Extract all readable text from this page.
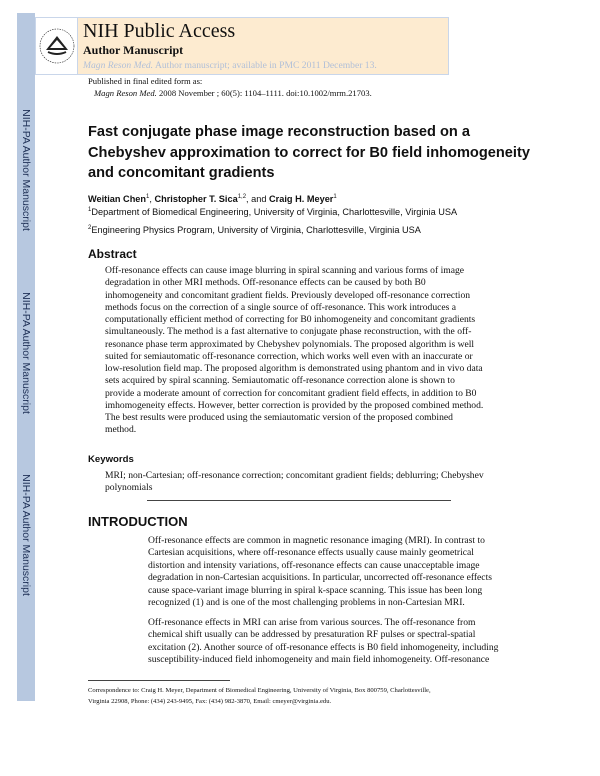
NIH-PA Author Manuscript
NIH-PA Author Manuscript
NIH-PA Author Manuscript
NIH Public Access
Author Manuscript
Magn Reson Med. Author manuscript; available in PMC 2011 December 13.
Published in final edited form as:
Magn Reson Med. 2008 November ; 60(5): 1104–1111. doi:10.1002/mrm.21703.
Fast conjugate phase image reconstruction based on a
Chebyshev approximation to correct for B0 field inhomogeneity
and concomitant gradients
Weitian Chen$^1$, Christopher T. Sica$^{1,2}$, and Craig H. Meyer$^1$
$^1$Department of Biomedical Engineering, University of Virginia, Charlottesville, Virginia USA
$^2$Engineering Physics Program, University of Virginia, Charlottesville, Virginia USA
Abstract
Keywords
MRI; non-Cartesian; off-resonance correction; concomitant gradient fields; deblurring; Chebyshev
polynomials
INTRODUCTION
Correspondence to: Craig H. Meyer, Department of Biomedical Engineering, University of Virginia, Box 800759, Charlottesville,
Virginia 22908, Phone: (434) 243-9495, Fax: (434) 982-3870, Email: cmeyer@virginia.edu.
Off-resonance effects can cause image blurring in spiral scanning and various forms of image
degradation in other MRI methods. Off-resonance effects can be caused by both B0
inhomogeneity and concomitant gradient fields. Previously developed off-resonance correction
methods focus on the correction of a single source of off-resonance. This work introduces a
computationally efficient method of correcting for B0 inhomogeneity and concomitant gradients
simultaneously. The method is a fast alternative to conjugate phase reconstruction, with the off-
resonance phase term approximated by Chebyshev polynomials. The proposed algorithm is well
suited for semiautomatic off-resonance correction, which works well even with an inaccurate or
low-resolution field map. The proposed algorithm is demonstrated using phantom and in vivo data
sets acquired by spiral scanning. Semiautomatic off-resonance correction alone is shown to
provide a moderate amount of correction for concomitant gradient field effects, in addition to B0
imhomogeneity effects. However, better correction is provided by the proposed combined method.
The best results were produced using the semiautomatic version of the proposed combined
method.
Off-resonance effects are common in magnetic resonance imaging (MRI). In contrast to
Cartesian acquisitions, where off-resonance effects usually cause mainly geometrical
distortion and intensity variations, off-resonance effects can cause unacceptable image
degradation in non-Cartesian acquisitions. In particular, uncorrected off-resonance effects
cause space-variant image blurring in spiral k-space scanning. This issue has been long
recognized (1) and is one of the most challenging problems in non-Cartesian MRI.
Off-resonance effects in MRI can arise from various sources. The off-resonance from
chemical shift usually can be addressed by presaturation RF pulses or spectral-spatial
excitation (2). Another source of off-resonance effects is B0 field inhomogeneity, including
susceptibility-induced field inhomogeneity and main field inhomogeneity. Off-resonance
